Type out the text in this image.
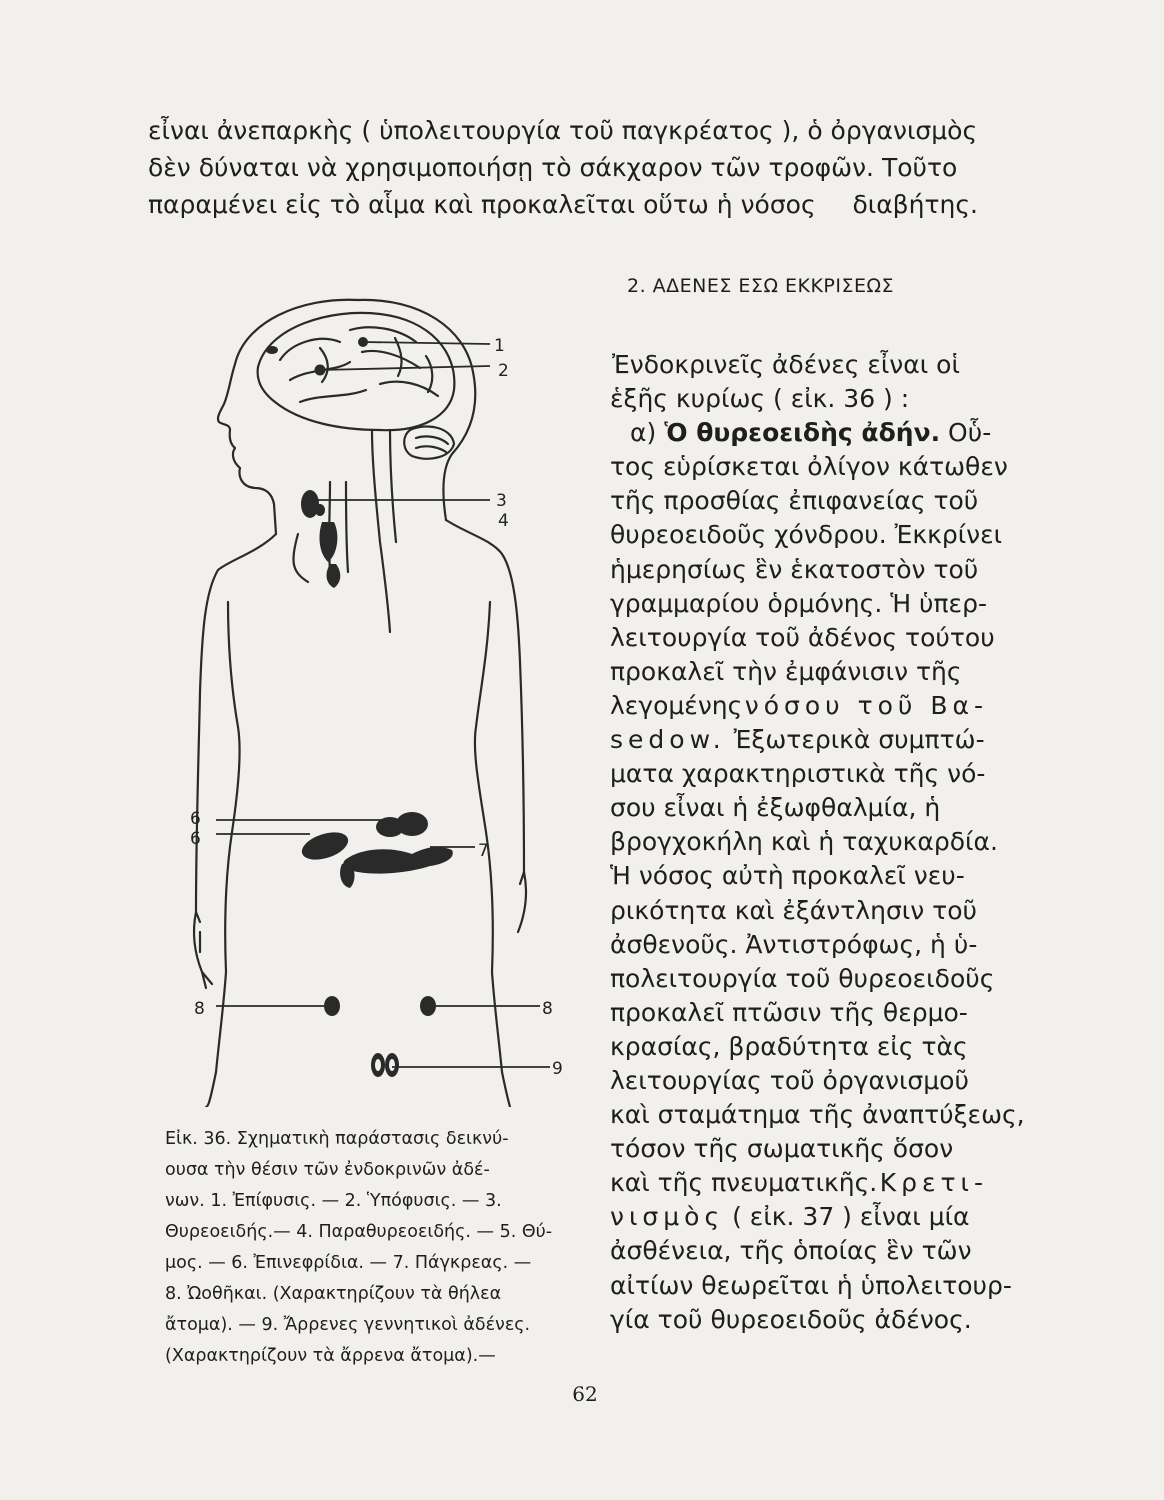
εἶναι ἀνεπαρκὴς ( ὑπολειτουργία τοῦ παγκρέατος ), ὁ ὀργανισμὸς
δὲν δύναται νὰ χρησιμοποιήσῃ τὸ σάκχαρον τῶν τροφῶν. Τοῦτο
παραμένει εἰς τὸ αἷμα καὶ προκαλεῖται οὕτω ἡ νόσος διαβήτης.

1
2
3
4
6
6
7
8	8
9

Εἰκ. 36. Σχηματικὴ παράστασις δεικνύ-
ουσα τὴν θέσιν τῶν ἐνδοκρινῶν ἀδέ-
νων. 1. Ἐπίφυσις. — 2. Ὑπόφυσις. — 3.
Θυρεοειδής.— 4. Παραθυρεοειδής. — 5. Θύ-
μος. — 6. Ἐπινεφρίδια. — 7. Πάγκρεας. —
8. Ὠοθῆκαι. (Χαρακτηρίζουν τὰ θήλεα
ἄτομα). — 9. Ἄρρενες γεννητικοὶ ἀδένες.
(Χαρακτηρίζουν τὰ ἄρρενα ἄτομα).—

2. ΑΔΕΝΕΣ ΕΣΩ ΕΚΚΡΙΣΕΩΣ
Ἐνδοκρινεῖς ἀδένες εἶναι οἱ
ἑξῆς κυρίως ( εἰκ. 36 ) :
α) Ὁ θυρεοειδὴς ἀδήν. Οὗ-
τος εὑρίσκεται ὀλίγον κάτωθεν
τῆς προσθίας ἐπιφανείας τοῦ
θυρεοειδοῦς χόνδρου. Ἐκκρίνει
ἡμερησίως ἓν ἑκατοστὸν τοῦ
γραμμαρίου ὁρμόνης. Ἡ ὑπερ-
λειτουργία τοῦ ἀδένος τούτου
προκαλεῖ τὴν ἐμφάνισιν τῆς
λεγομένης νόσου τοῦ Βα-
sedow. Ἐξωτερικὰ συμπτώ-
ματα χαρακτηριστικὰ τῆς νό-
σου εἶναι ἡ ἐξωφθαλμία, ἡ
βρογχοκήλη καὶ ἡ ταχυκαρδία.
Ἡ νόσος αὐτὴ προκαλεῖ νευ-
ρικότητα καὶ ἐξάντλησιν τοῦ
ἀσθενοῦς. Ἀντιστρόφως, ἡ ὑ-
πολειτουργία τοῦ θυρεοειδοῦς
προκαλεῖ πτῶσιν τῆς θερμο-
κρασίας, βραδύτητα εἰς τὰς
λειτουργίας τοῦ ὀργανισμοῦ
καὶ σταμάτημα τῆς ἀναπτύξεως,
τόσον τῆς σωματικῆς ὅσον
καὶ τῆς πνευματικῆς. Κρετι-
νισμὸς ( εἰκ. 37 ) εἶναι μία
ἀσθένεια, τῆς ὁποίας ἓν τῶν
αἰτίων θεωρεῖται ἡ ὑπολειτουρ-
γία τοῦ θυρεοειδοῦς ἀδένος.

62
